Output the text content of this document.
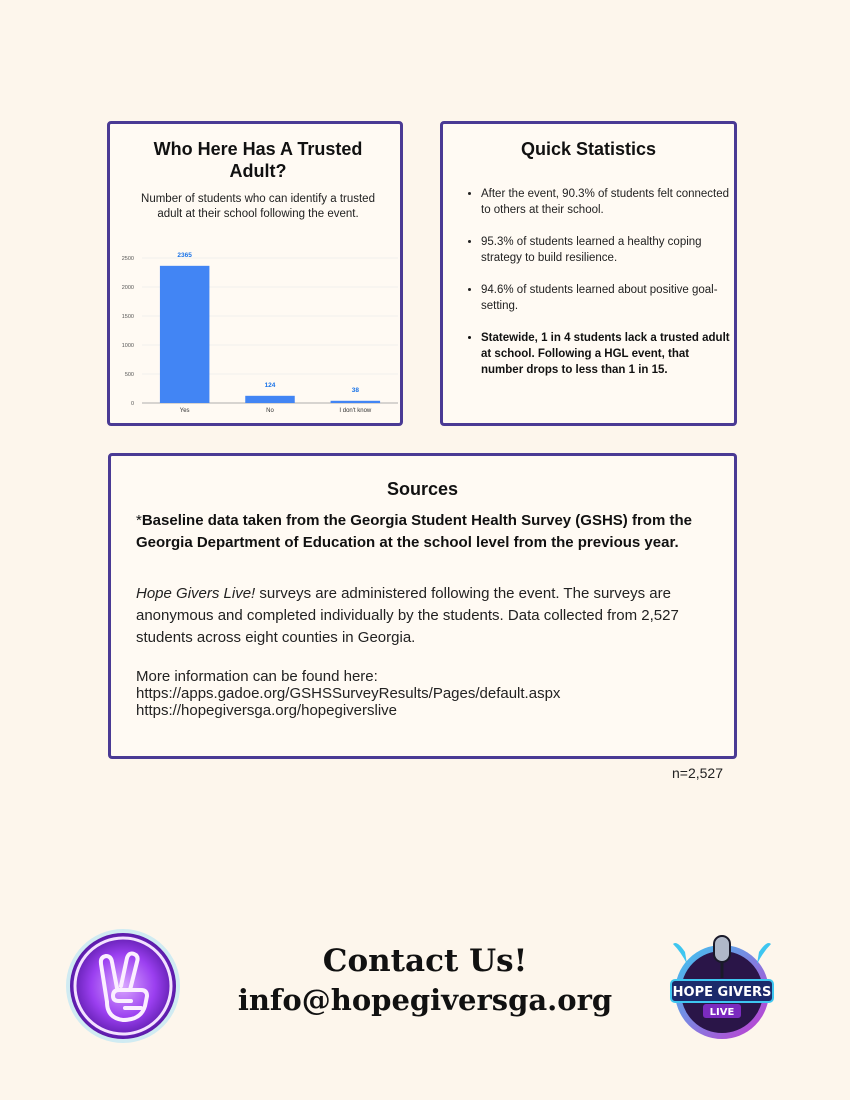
Who Here Has A Trusted Adult?
Number of students who can identify a trusted adult at their school following the event.
0
500
1000
1500
2000
2500
2365
Yes
124
No
38
I don't know
Quick Statistics
• After the event, 90.3% of students felt connected to others at their school.
• 95.3% of students learned a healthy coping strategy to build resilience.
• 94.6% of students learned about positive goal-setting.
• Statewide, 1 in 4 students lack a trusted adult at school. Following a HGL event, that number drops to less than 1 in 15.
Sources
*Baseline data taken from the Georgia Student Health Survey (GSHS) from the Georgia Department of Education at the school level from the previous year.
Hope Givers Live! surveys are administered following the event. The surveys are anonymous and completed individually by the students. Data collected from 2,527 students across eight counties in Georgia.
More information can be found here:
https://apps.gadoe.org/GSHSSurveyResults/Pages/default.aspx
https://hopegiversga.org/hopegiverslive
n=2,527
Contact Us!
info@hopegiversga.org	HOPE GIVERS
LIVE
